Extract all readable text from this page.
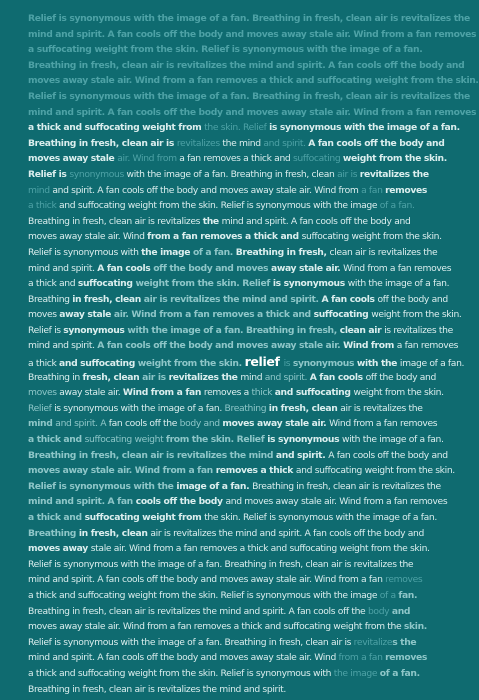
Relief is synonymous with the image of a fan. Breathing in fresh, clean air is revitalizes the
mind and spirit. A fan cools off the body and moves away stale air. Wind from a fan removes
a suffocating weight from the skin. Relief is synonymous with the image of a fan.
Breathing in fresh, clean air is revitalizes the mind and spirit. A fan cools off the body and
moves away stale air. Wind from a fan removes a thick and suffocating weight from the skin.
Relief is synonymous with the image of a fan. Breathing in fresh, clean air is revitalizes the
mind and spirit. A fan cools off the body and moves away stale air. Wind from a fan removes
a thick and suffocating weight from the skin. Relief is synonymous with the image of a fan.
Breathing in fresh, clean air is revitalizes the mind and spirit. A fan cools off the body and
moves away stale air. Wind from a fan removes a thick and suffocating weight from the skin.
Relief is synonymous with the image of a fan. Breathing in fresh, clean air is revitalizes the
mind and spirit. A fan cools off the body and moves away stale air. Wind from a fan removes
a thick and suffocating weight from the skin. Relief is synonymous with the image of a fan.
Breathing in fresh, clean air is revitalizes the mind and spirit. A fan cools off the body and
moves away stale air. Wind from a fan removes a thick and suffocating weight from the skin.
Relief is synonymous with the image of a fan. Breathing in fresh, clean air is revitalizes the
mind and spirit. A fan cools off the body and moves away stale air. Wind from a fan removes
a thick and suffocating weight from the skin. Relief is synonymous with the image of a fan.
Breathing in fresh, clean air is revitalizes the mind and spirit. A fan cools off the body and
moves away stale air. Wind from a fan removes a thick and suffocating weight from the skin.
Relief is synonymous with the image of a fan. Breathing in fresh, clean air is revitalizes the
mind and spirit. A fan cools off the body and moves away stale air. Wind from a fan removes
a thick and suffocating weight from the skin. relief is synonymous with the image of a fan.
Breathing in fresh, clean air is revitalizes the mind and spirit. A fan cools off the body and
moves away stale air. Wind from a fan removes a thick and suffocating weight from the skin.
Relief is synonymous with the image of a fan. Breathing in fresh, clean air is revitalizes the
mind and spirit. A fan cools off the body and moves away stale air. Wind from a fan removes
a thick and suffocating weight from the skin. Relief is synonymous with the image of a fan.
Breathing in fresh, clean air is revitalizes the mind and spirit. A fan cools off the body and
moves away stale air. Wind from a fan removes a thick and suffocating weight from the skin.
Relief is synonymous with the image of a fan. Breathing in fresh, clean air is revitalizes the
mind and spirit. A fan cools off the body and moves away stale air. Wind from a fan removes
a thick and suffocating weight from the skin. Relief is synonymous with the image of a fan.
Breathing in fresh, clean air is revitalizes the mind and spirit. A fan cools off the body and
moves away stale air. Wind from a fan removes a thick and suffocating weight from the skin.
Relief is synonymous with the image of a fan. Breathing in fresh, clean air is revitalizes the
mind and spirit. A fan cools off the body and moves away stale air. Wind from a fan removes
a thick and suffocating weight from the skin. Relief is synonymous with the image of a fan.
Breathing in fresh, clean air is revitalizes the mind and spirit. A fan cools off the body and
moves away stale air. Wind from a fan removes a thick and suffocating weight from the skin.
Relief is synonymous with the image of a fan. Breathing in fresh, clean air is revitalizes the
mind and spirit. A fan cools off the body and moves away stale air. Wind from a fan removes
a thick and suffocating weight from the skin. Relief is synonymous with the image of a fan.
Breathing in fresh, clean air is revitalizes the mind and spirit.
